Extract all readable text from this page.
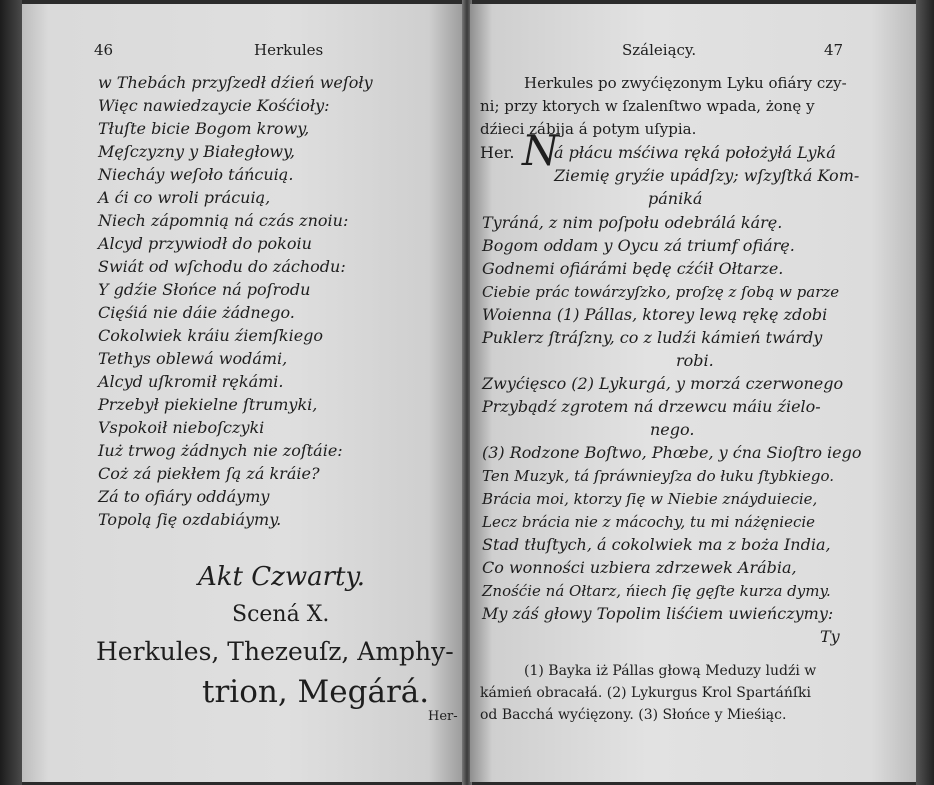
46	Herkules
w Thebách przyſzedł dźień weſoły
Więc nawiedzaycie Kośćioły:
Tłuſte bicie Bogom krowy,
Męſczyzny y Białegłowy,
Niecháy weſoło táńcuią.
A ći co wroli prácuią,
Niech zápomnią ná czás znoiu:
Alcyd przywiodł do pokoiu
Swiát od wſchodu do záchodu:
Y gdźie Słońce ná poſrodu
Cięśiá nie dáie żádnego.
Cokolwiek kráiu źiemſkiego
Tethys oblewá wodámi,
Alcyd uſkromił rękámi.
Przebył piekielne ſtrumyki,
Vspokoił nieboſczyki
Iuż trwog żádnych nie zoſtáie:
Coż zá piekłem ſą zá kráie?
Zá to ofiáry oddáymy
Topolą ſię ozdabiáymy.
Akt Czwarty.
Scená X.
Herkules, Thezeuſz, Amphy-
trion, Megárá.
Her-
Száleiący.	47
Herkules po zwyćięzonym Lyku ofiáry czy-
ni; przy ktorych w ſzalenſtwo wpada, żonę y
dźieci zábija á potym uſypia.
Her. N
á płácu mśćiwa ręká położyłá Lyká
Ziemię gryźie upádſzy; wſzyſtká Kom-
pániká
Tyráná, z nim poſpołu odebrálá kárę.
Bogom oddam y Oycu zá triumf ofiárę.
Godnemi ofiárámi będę cźćił Ołtarze.
Ciebie prác towárzyſzko, proſzę z ſobą w parze
Woienna (1) Pállas, ktorey lewą rękę zdobi
Puklerz ſtráſzny, co z ludźi kámień twárdy
robi.
Zwyćięsco (2) Lykurgá, y morzá czerwonego
Przybądź zgrotem ná drzewcu máiu źielo-
nego.
(3) Rodzone Boſtwo, Phœbe, y ćna Sioſtro iego
Ten Muzyk, tá ſpráwnieyſza do łuku ſtybkiego.
Brácia moi, ktorzy ſię w Niebie znáyduiecie,
Lecz brácia nie z mácochy, tu mi náżęniecie
Stad tłuſtych, á cokolwiek ma z boża India,
Co wonności uzbiera zdrzewek Arábia,
Znośćie ná Ołtarz, ńiech ſię gęſte kurza dymy.
My záś głowy Topolim liśćiem uwieńczymy:
Ty
(1) Bayka iż Pállas głową Meduzy ludźi w
kámień obracałá. (2) Lykurgus Krol Spartáńſki
od Bacchá wyćięzony. (3) Słońce y Mieśiąc.
